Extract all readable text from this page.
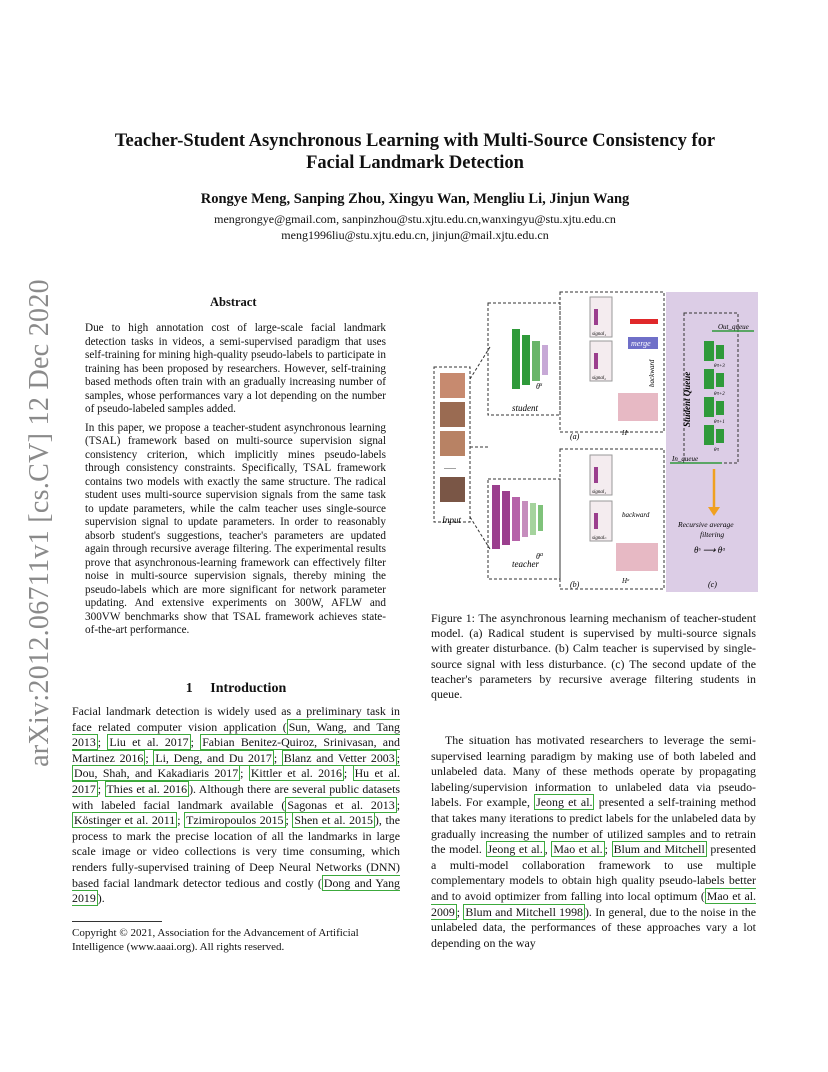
arXiv:2012.06711v1 [cs.CV] 12 Dec 2020
Teacher-Student Asynchronous Learning with Multi-Source Consistency for Facial Landmark Detection
Rongye Meng, Sanping Zhou, Xingyu Wan, Mengliu Li, Jinjun Wang
mengrongye@gmail.com, sanpinzhou@stu.xjtu.edu.cn,wanxingyu@stu.xjtu.edu.cn
meng1996liu@stu.xjtu.edu.cn, jinjun@mail.xjtu.edu.cn
Abstract

Due to high annotation cost of large-scale facial landmark detection tasks in videos, a semi-supervised paradigm that uses self-training for mining high-quality pseudo-labels to participate in training has been proposed by researchers. However, self-training based methods often train with an gradually increasing number of samples, whose performances vary a lot depending on the number of pseudo-labeled samples added.

In this paper, we propose a teacher-student asynchronous learning (TSAL) framework based on multi-source supervision signal consistency criterion, which implicitly mines pseudo-labels through consistency constraints. Specifically, TSAL framework contains two models with exactly the same structure. The radical student uses multi-source supervision signals from the same task to update parameters, while the calm teacher uses single-source supervision signal to update parameters. In order to reasonably absorb student's suggestions, teacher's parameters are updated again through recursive average filtering. The experimental results prove that asynchronous-learning framework can effectively filter noise in multi-source supervision signals, thereby mining the pseudo-labels which are more significant for network parameter updating. And extensive experiments on 300W, AFLW and 300VW benchmarks show that TSAL framework achieves state-of-the-art performance.

1     Introduction

Facial landmark detection is widely used as a preliminary task in face related computer vision application ( Sun, Wang, and Tang 2013 ; Liu et al. 2017 ; Fabian Benitez-Quiroz, Srinivasan, and Martinez 2016 ; Li, Deng, and Du 2017 ; Blanz and Vetter 2003 ; Dou, Shah, and Kakadiaris 2017 ; Kittler et al. 2016 ; Hu et al. 2017 ; Thies et al. 2016 ). Although there are several public datasets with labeled facial landmark available ( Sagonas et al. 2013 ; Köstinger et al. 2011 ; Tzimiropoulos 2015 ; Shen et al. 2015 ), the process to mark the precise location of all the landmarks in large scale image or video collections is very time consuming, which renders fully-supervised training of Deep Neural Networks (DNN) based facial landmark detector tedious and costly ( Dong and Yang 2019 ).

Copyright © 2021, Association for the Advancement of Artificial Intelligence (www.aaai.org). All rights reserved.
......
Input
$\theta^s$
student
signal₁
signal₂
merge
backward
(a)	Hˢ
$\theta^a$
teacher
signal₁
signalₙ
backward
(b)	Hᵃ
Out_queue
Student Queue
θˢt+3
θˢt+2
θˢt+1
θˢt
In_queue
Recursive average
filtering
θˢ ⟶ θᵃ
(c)
Figure 1: The asynchronous learning mechanism of teacher-student model. (a) Radical student is supervised by multi-source signals with greater disturbance. (b) Calm teacher is supervised by single-source signal with less disturbance. (c) The second update of the teacher's parameters by recursive average filtering students in queue.

The situation has motivated researchers to leverage the semi-supervised learning paradigm by making use of both labeled and unlabeled data. Many of these methods operate by propagating labeling/supervision information to unlabeled data via pseudo-labels. For example, Jeong et al. presented a self-training method that takes many iterations to predict labels for the unlabeled data by gradually increasing the number of utilized samples and to retrain the model. Jeong et al. , Mao et al. ; Blum and Mitchell presented a multi-model collaboration framework to use multiple complementary models to obtain high quality pseudo-labels better and to avoid optimizer from falling into local optimum ( Mao et al. 2009 ; Blum and Mitchell 1998 ). In general, due to the noise in the unlabeled data, the performances of these approaches vary a lot depending on the way
